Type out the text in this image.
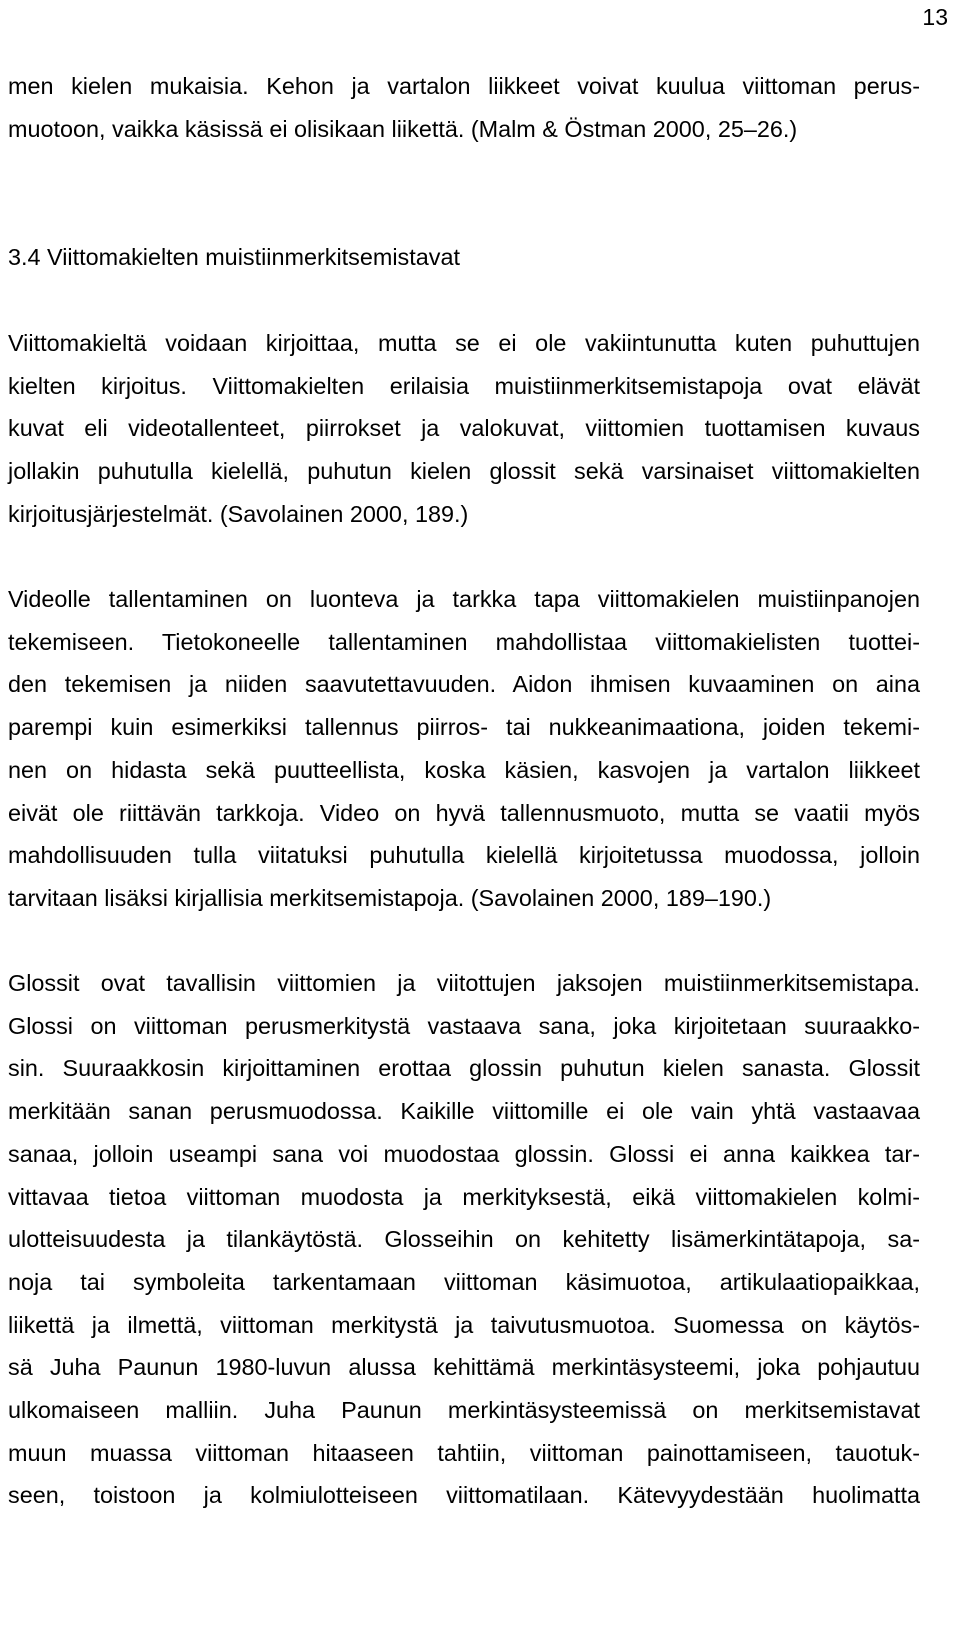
13
men kielen mukaisia. Kehon ja vartalon liikkeet voivat kuulua viittoman perus-
muotoon, vaikka käsissä ei olisikaan liikettä. (Malm & Östman 2000, 25‒26.)
3.4 Viittomakielten muistiinmerkitsemistavat
Viittomakieltä voidaan kirjoittaa, mutta se ei ole vakiintunutta kuten puhuttujen
kielten kirjoitus. Viittomakielten erilaisia muistiinmerkitsemistapoja ovat elävät
kuvat eli videotallenteet, piirrokset ja valokuvat, viittomien tuottamisen kuvaus
jollakin puhutulla kielellä, puhutun kielen glossit sekä varsinaiset viittomakielten
kirjoitusjärjestelmät. (Savolainen 2000, 189.)
Videolle tallentaminen on luonteva ja tarkka tapa viittomakielen muistiinpanojen
tekemiseen. Tietokoneelle tallentaminen mahdollistaa viittomakielisten tuottei-
den tekemisen ja niiden saavutettavuuden. Aidon ihmisen kuvaaminen on aina
parempi kuin esimerkiksi tallennus piirros- tai nukkeanimaationa, joiden tekemi-
nen on hidasta sekä puutteellista, koska käsien, kasvojen ja vartalon liikkeet
eivät ole riittävän tarkkoja. Video on hyvä tallennusmuoto, mutta se vaatii myös
mahdollisuuden tulla viitatuksi puhutulla kielellä kirjoitetussa muodossa, jolloin
tarvitaan lisäksi kirjallisia merkitsemistapoja. (Savolainen 2000, 189‒190.)
Glossit ovat tavallisin viittomien ja viitottujen jaksojen muistiinmerkitsemistapa.
Glossi on viittoman perusmerkitystä vastaava sana, joka kirjoitetaan suuraakko-
sin. Suuraakkosin kirjoittaminen erottaa glossin puhutun kielen sanasta. Glossit
merkitään sanan perusmuodossa. Kaikille viittomille ei ole vain yhtä vastaavaa
sanaa, jolloin useampi sana voi muodostaa glossin. Glossi ei anna kaikkea tar-
vittavaa tietoa viittoman muodosta ja merkityksestä, eikä viittomakielen kolmi-
ulotteisuudesta ja tilankäytöstä. Glosseihin on kehitetty lisämerkintätapoja, sa-
noja tai symboleita tarkentamaan viittoman käsimuotoa, artikulaatiopaikkaa,
liikettä ja ilmettä, viittoman merkitystä ja taivutusmuotoa. Suomessa on käytös-
sä Juha Paunun 1980-luvun alussa kehittämä merkintäsysteemi, joka pohjautuu
ulkomaiseen malliin. Juha Paunun merkintäsysteemissä on merkitsemistavat
muun muassa viittoman hitaaseen tahtiin, viittoman painottamiseen, tauotuk-
seen, toistoon ja kolmiulotteiseen viittomatilaan. Kätevyydestään huolimatta
